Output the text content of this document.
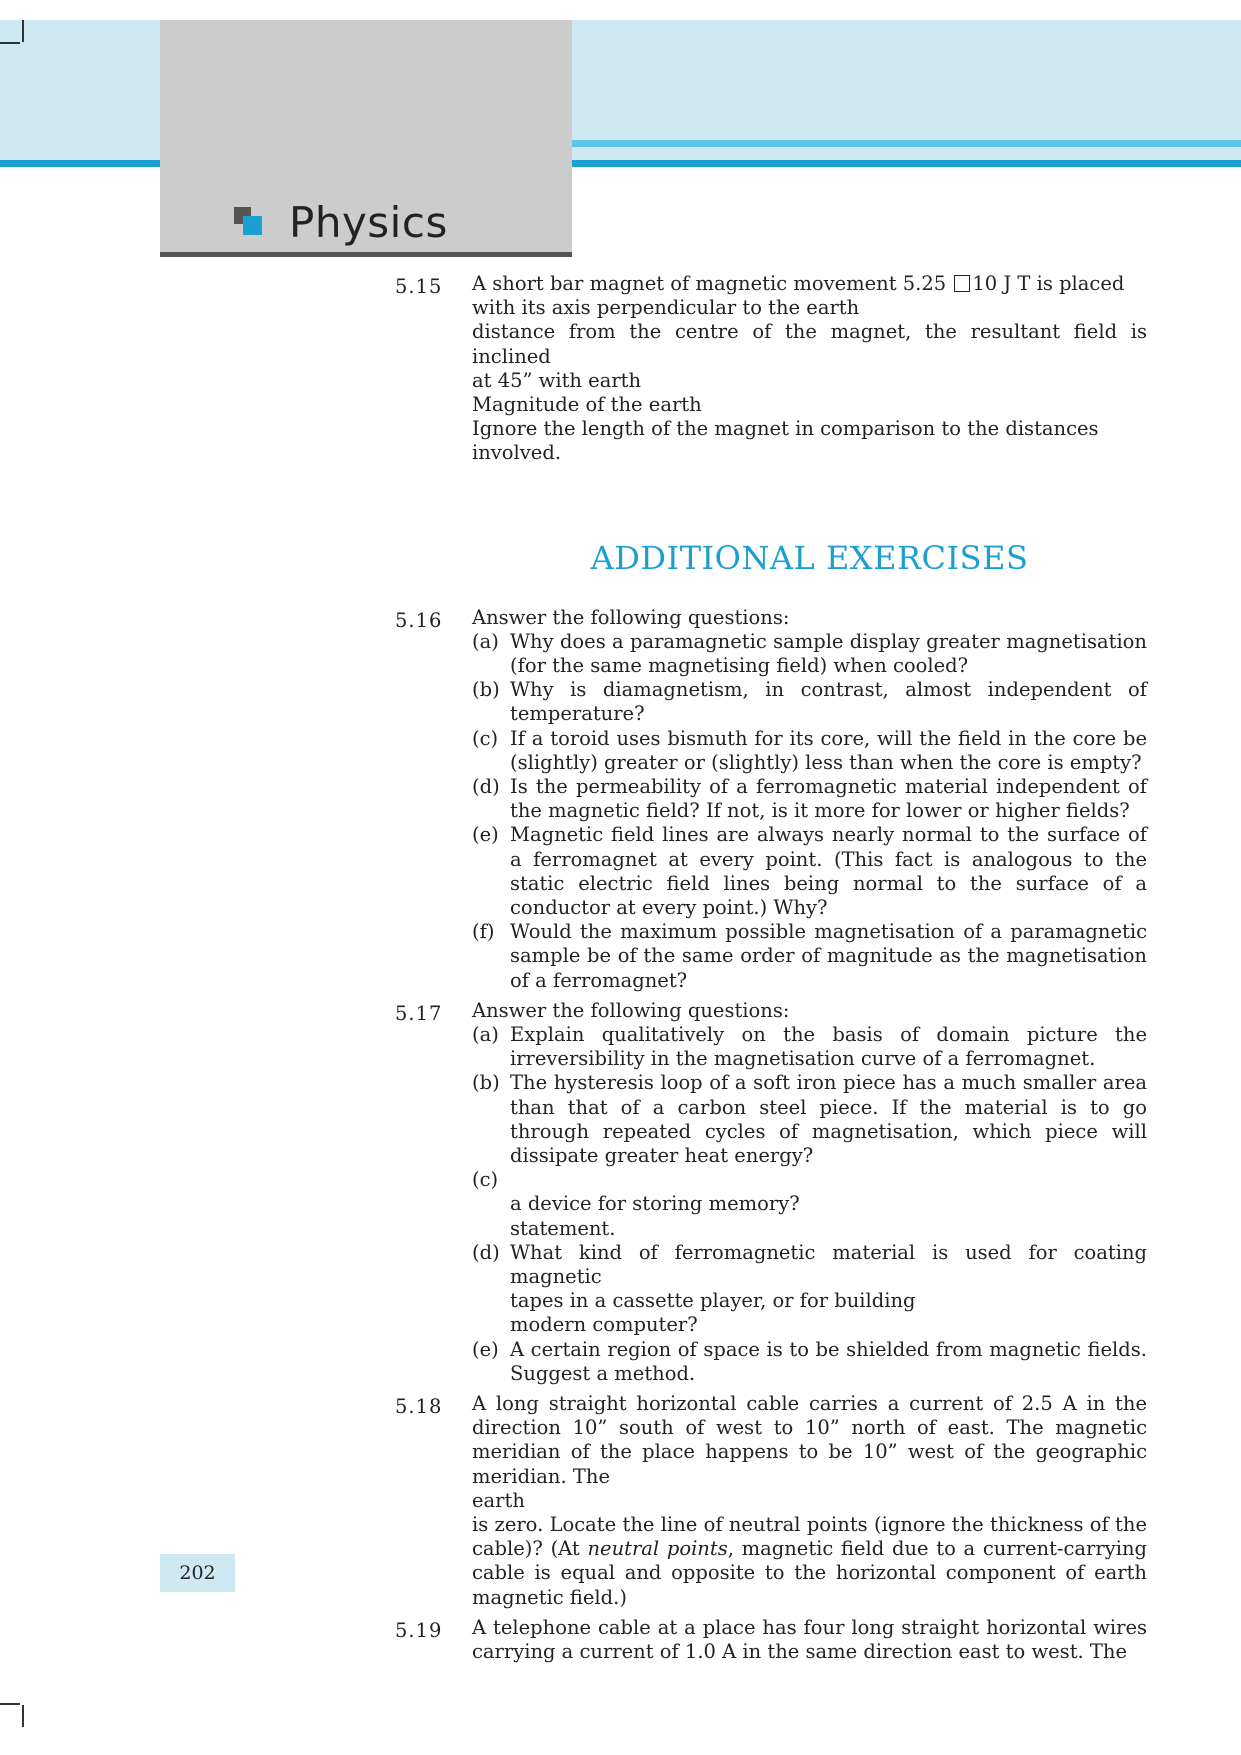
Physics
202
5.15 A short bar magnet of magnetic movement 5.25 10 J T is placed

with its axis perpendicular to the earth

distance from the centre of the magnet, the resultant field is inclined

at 45” with earth

Magnitude of the earth

Ignore the length of the magnet in comparison to the distances

involved.

ADDITIONAL EXERCISES
5.16 Answer the following questions:

(a) Why does a paramagnetic sample display greater magnetisation (for the same magnetising field) when cooled?
(b) Why is diamagnetism, in contrast, almost independent of temperature?
(c) If a toroid uses bismuth for its core, will the field in the core be (slightly) greater or (slightly) less than when the core is empty?
(d) Is the permeability of a ferromagnetic material independent of the magnetic field? If not, is it more for lower or higher fields?
(e) Magnetic field lines are always nearly normal to the surface of a ferromagnet at every point. (This fact is analogous to the static electric field lines being normal to the surface of a conductor at every point.) Why?
(f) Would the maximum possible magnetisation of a paramagnetic sample be of the same order of magnitude as the magnetisation of a ferromagnet?
5.17 Answer the following questions:

(a) Explain qualitatively on the basis of domain picture the irreversibility in the magnetisation curve of a ferromagnet.
(b) The hysteresis loop of a soft iron piece has a much smaller area than that of a carbon steel piece. If the material is to go through repeated cycles of magnetisation, which piece will dissipate greater heat energy?
(c)
a device for storing memory?
statement.
(d) What kind of ferromagnetic material is used for coating magnetic
tapes in a cassette player, or for building
modern computer?
(e) A certain region of space is to be shielded from magnetic fields. Suggest a method.
5.18 A long straight horizontal cable carries a current of 2.5 A in the direction 10” south of west to 10” north of east. The magnetic meridian of the place happens to be 10” west of the geographic meridian. The

earth

is zero. Locate the line of neutral points (ignore the thickness of the cable)? (At neutral points, magnetic field due to a current-carrying cable is equal and opposite to the horizontal component of earth magnetic field.)

5.19 A telephone cable at a place has four long straight horizontal wires carrying a current of 1.0 A in the same direction east to west. The
